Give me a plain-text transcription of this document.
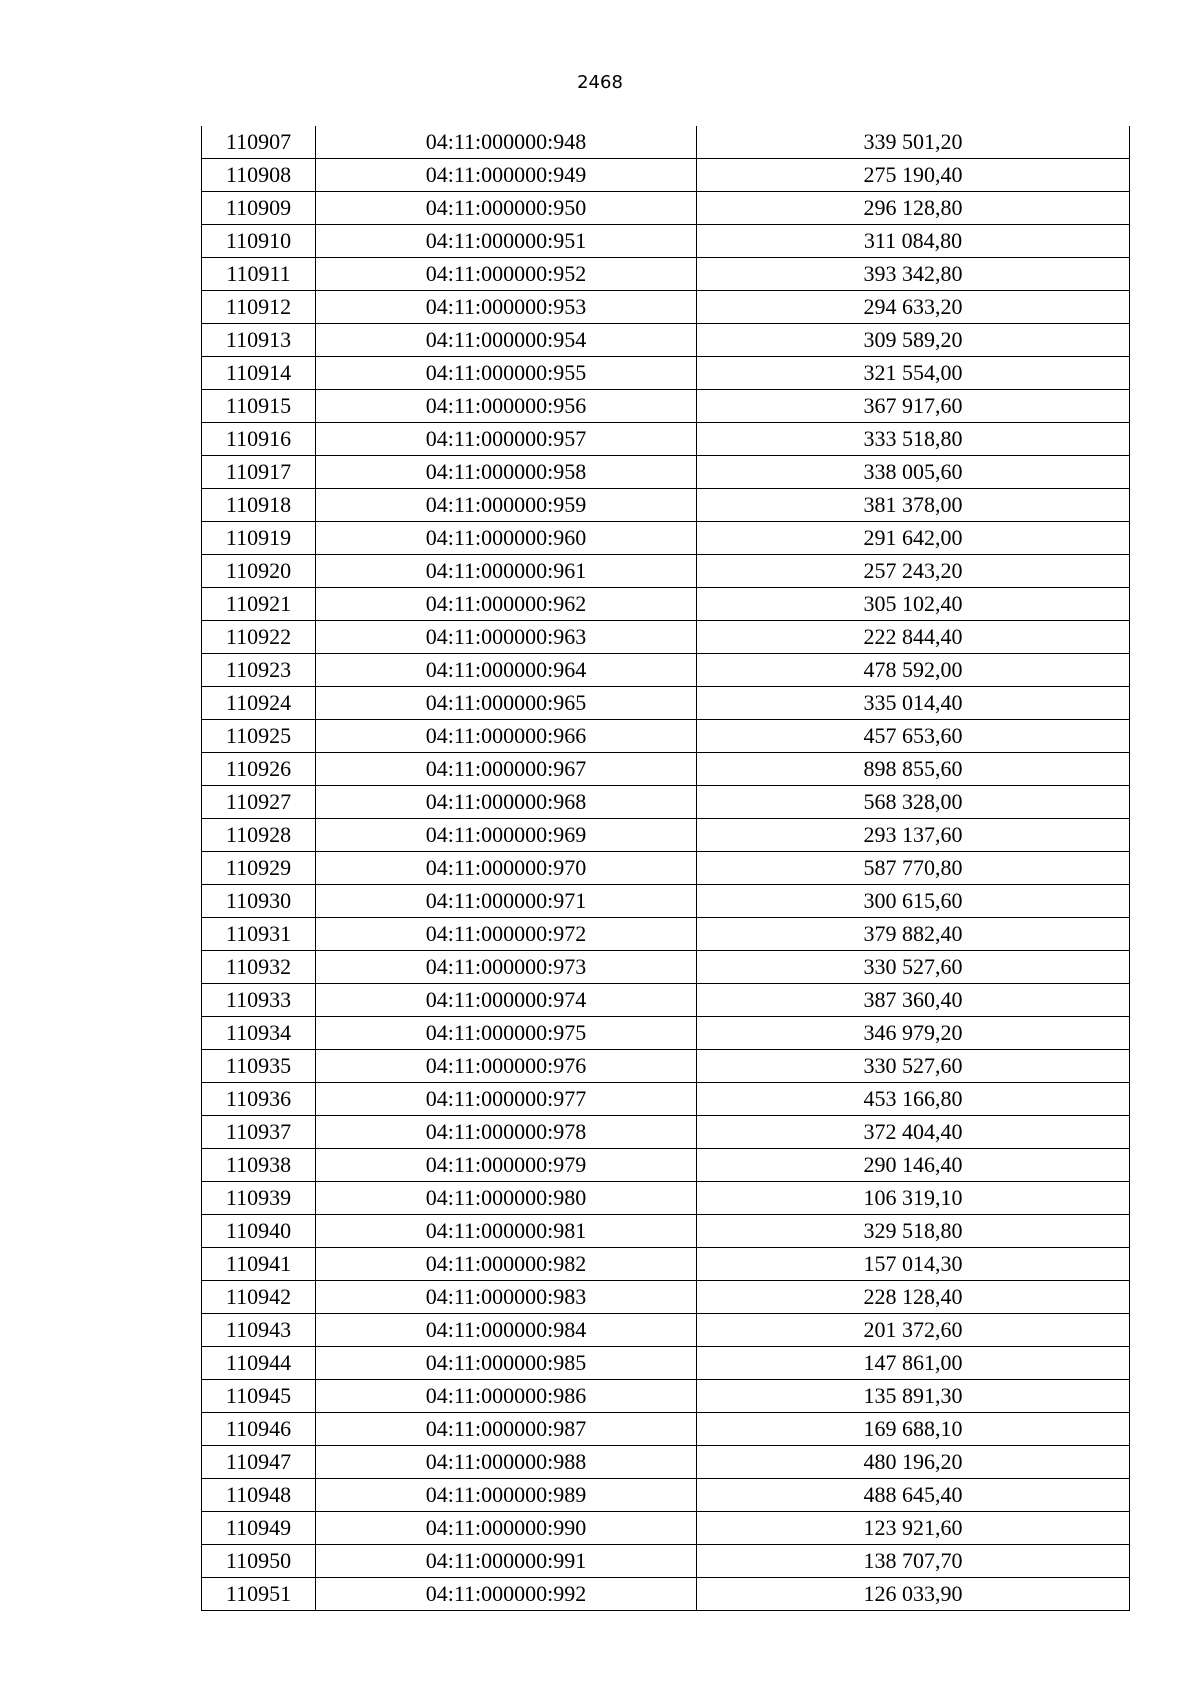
2468
110907	04:11:000000:948	339 501,20
110908	04:11:000000:949	275 190,40
110909	04:11:000000:950	296 128,80
110910	04:11:000000:951	311 084,80
110911	04:11:000000:952	393 342,80
110912	04:11:000000:953	294 633,20
110913	04:11:000000:954	309 589,20
110914	04:11:000000:955	321 554,00
110915	04:11:000000:956	367 917,60
110916	04:11:000000:957	333 518,80
110917	04:11:000000:958	338 005,60
110918	04:11:000000:959	381 378,00
110919	04:11:000000:960	291 642,00
110920	04:11:000000:961	257 243,20
110921	04:11:000000:962	305 102,40
110922	04:11:000000:963	222 844,40
110923	04:11:000000:964	478 592,00
110924	04:11:000000:965	335 014,40
110925	04:11:000000:966	457 653,60
110926	04:11:000000:967	898 855,60
110927	04:11:000000:968	568 328,00
110928	04:11:000000:969	293 137,60
110929	04:11:000000:970	587 770,80
110930	04:11:000000:971	300 615,60
110931	04:11:000000:972	379 882,40
110932	04:11:000000:973	330 527,60
110933	04:11:000000:974	387 360,40
110934	04:11:000000:975	346 979,20
110935	04:11:000000:976	330 527,60
110936	04:11:000000:977	453 166,80
110937	04:11:000000:978	372 404,40
110938	04:11:000000:979	290 146,40
110939	04:11:000000:980	106 319,10
110940	04:11:000000:981	329 518,80
110941	04:11:000000:982	157 014,30
110942	04:11:000000:983	228 128,40
110943	04:11:000000:984	201 372,60
110944	04:11:000000:985	147 861,00
110945	04:11:000000:986	135 891,30
110946	04:11:000000:987	169 688,10
110947	04:11:000000:988	480 196,20
110948	04:11:000000:989	488 645,40
110949	04:11:000000:990	123 921,60
110950	04:11:000000:991	138 707,70
110951	04:11:000000:992	126 033,90
